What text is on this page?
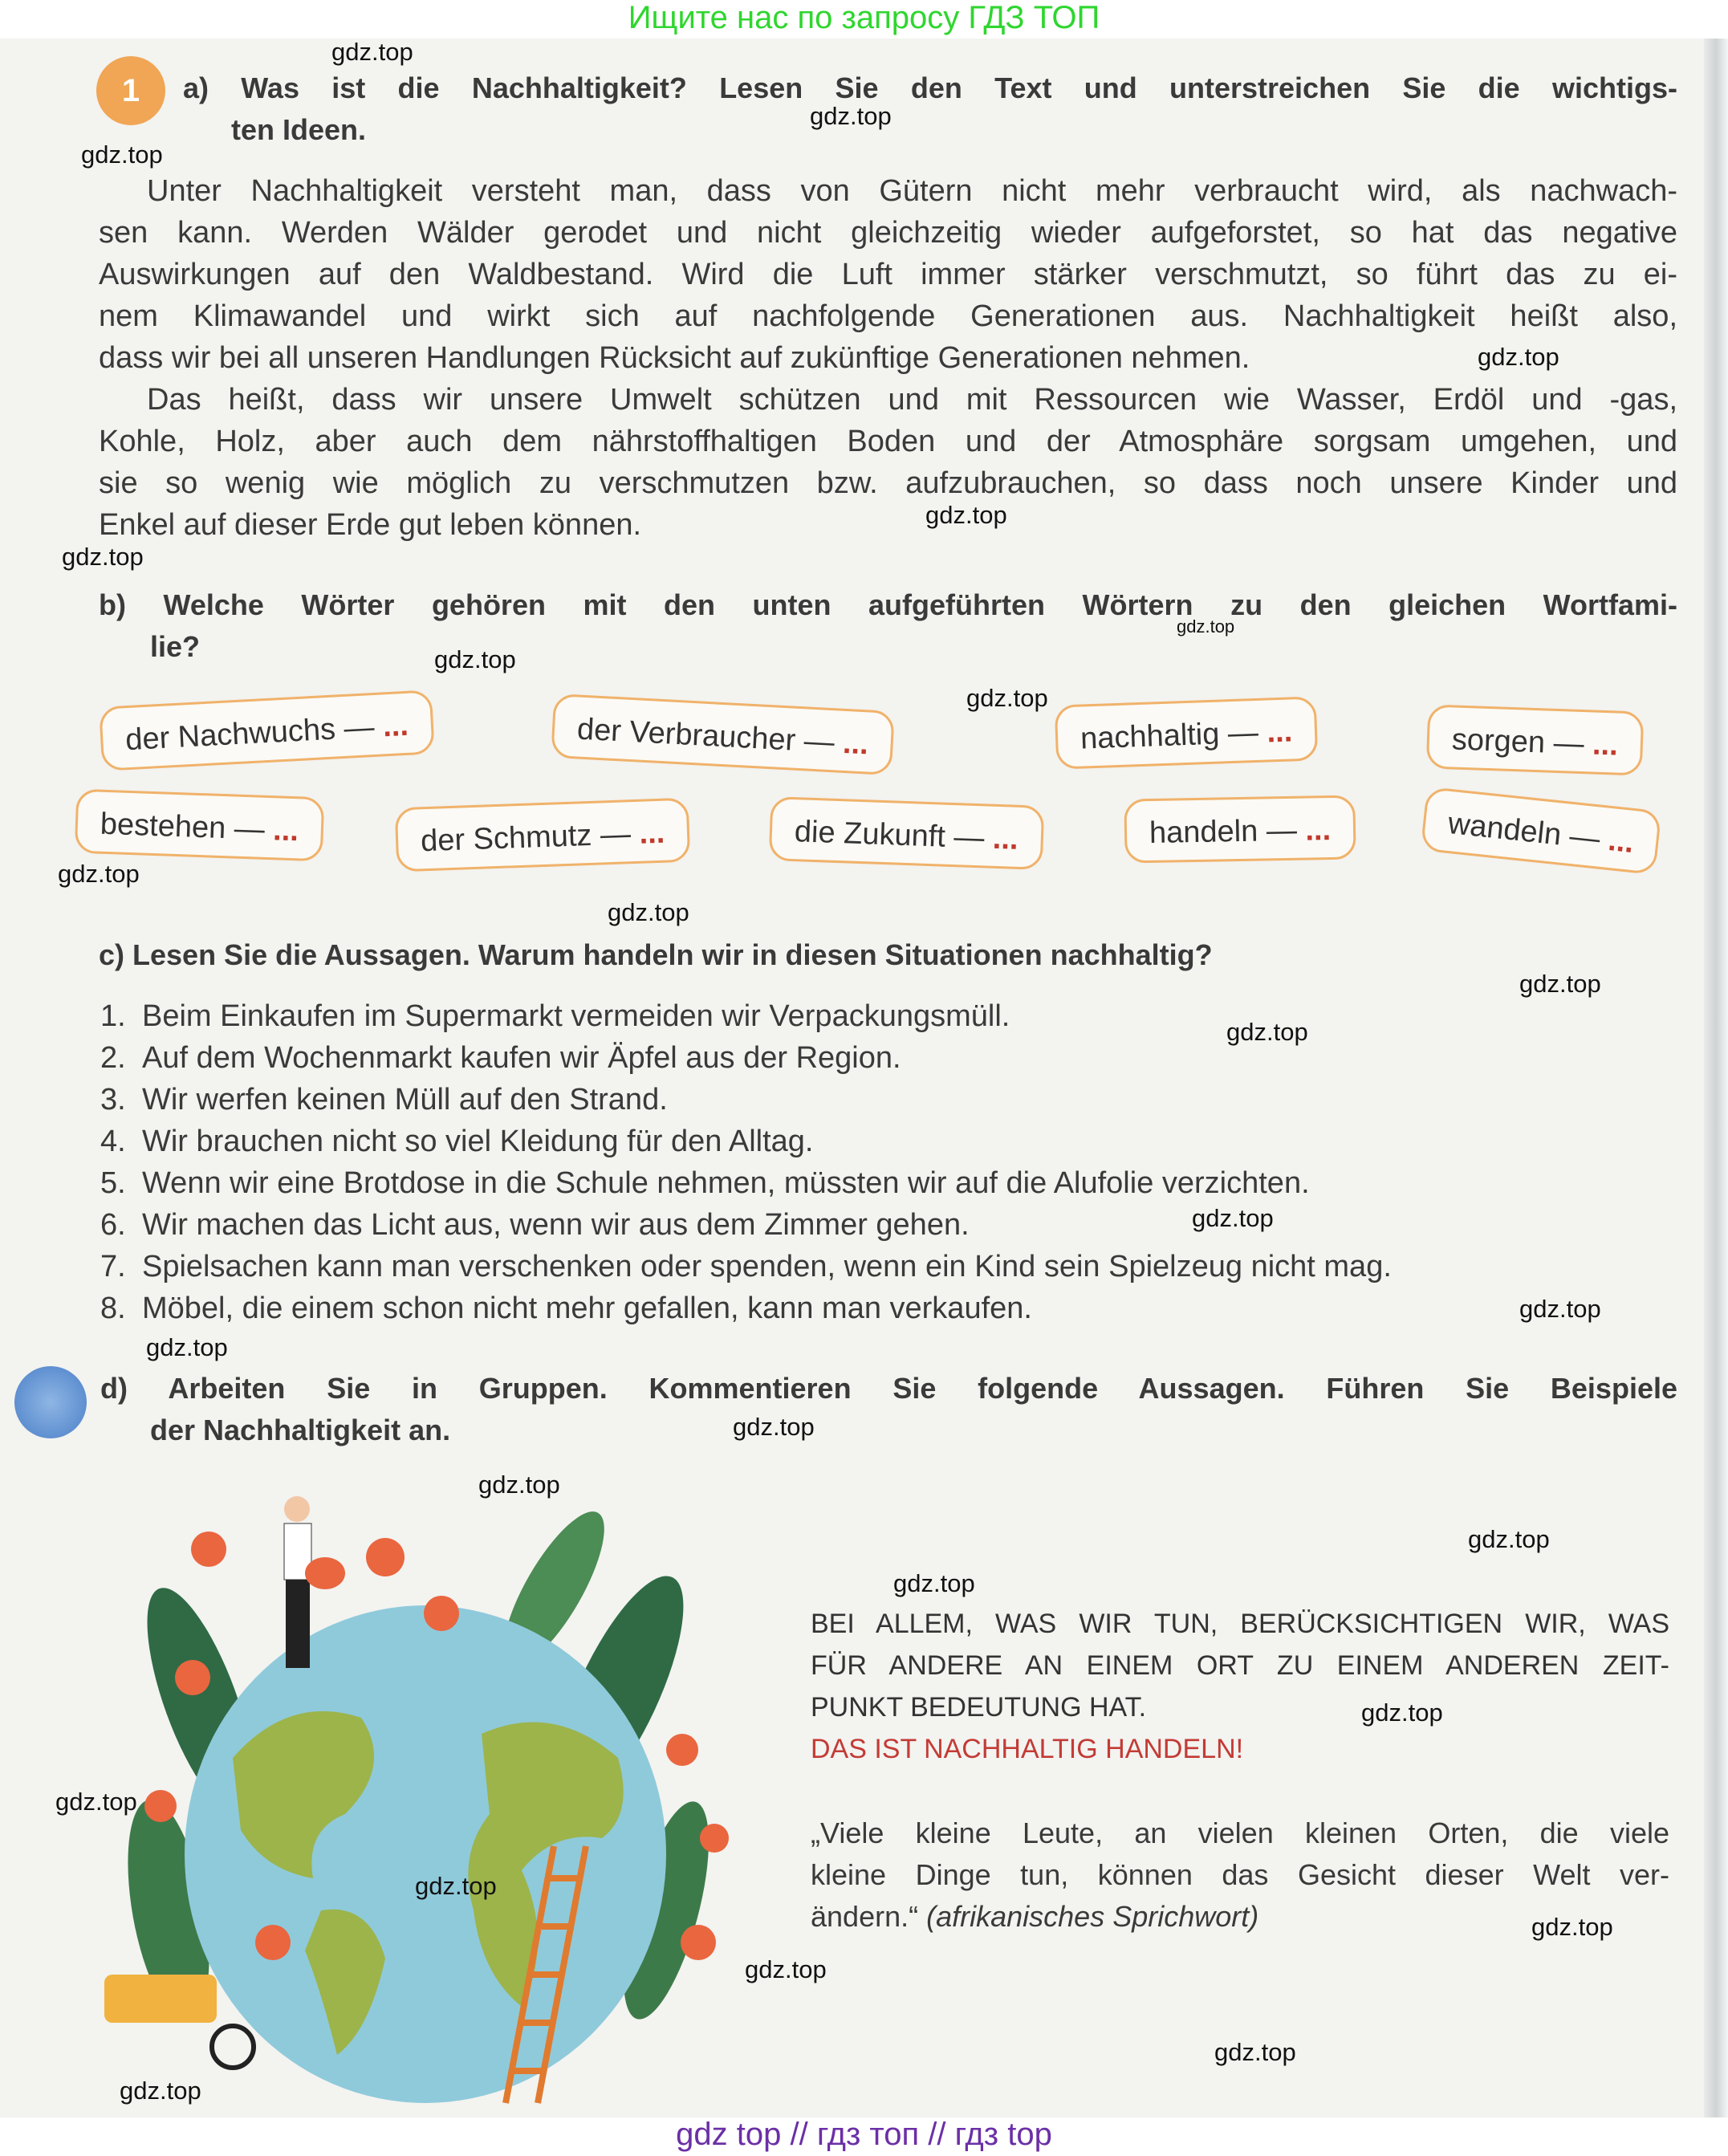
Ищите нас по запросу ГДЗ ТОП
1	a) Was ist die Nachhaltigkeit? Lesen Sie den Text und unterstreichen Sie die wichtigs-
ten Ideen.
Unter Nachhaltigkeit versteht man, dass von Gütern nicht mehr verbraucht wird, als nachwach-
sen kann. Werden Wälder gerodet und nicht gleichzeitig wieder aufgeforstet, so hat das negative
Auswirkungen auf den Waldbestand. Wird die Luft immer stärker verschmutzt, so führt das zu ei-
nem Klimawandel und wirkt sich auf nachfolgende Generationen aus. Nachhaltigkeit heißt also,
dass wir bei all unseren Handlungen Rücksicht auf zukünftige Generationen nehmen.
Das heißt, dass wir unsere Umwelt schützen und mit Ressourcen wie Wasser, Erdöl und -gas,
Kohle, Holz, aber auch dem nährstoffhaltigen Boden und der Atmosphäre sorgsam umgehen, und
sie so wenig wie möglich zu verschmutzen bzw. aufzubrauchen, so dass noch unsere Kinder und
Enkel auf dieser Erde gut leben können.
b) Welche Wörter gehören mit den unten aufgeführten Wörtern zu den gleichen Wortfami-
lie?
der Nachwuchs — ...	der Verbraucher — ...	nachhaltig — ...	sorgen — ...
bestehen — ...	der Schmutz — ...	die Zukunft — ...	handeln — ...	wandeln — ...
c) Lesen Sie die Aussagen. Warum handeln wir in diesen Situationen nachhaltig?
1. Beim Einkaufen im Supermarkt vermeiden wir Verpackungsmüll.
2. Auf dem Wochenmarkt kaufen wir Äpfel aus der Region.
3. Wir werfen keinen Müll auf den Strand.
4. Wir brauchen nicht so viel Kleidung für den Alltag.
5. Wenn wir eine Brotdose in die Schule nehmen, müssten wir auf die Alufolie verzichten.
6. Wir machen das Licht aus, wenn wir aus dem Zimmer gehen.
7. Spielsachen kann man verschenken oder spenden, wenn ein Kind sein Spielzeug nicht mag.
8. Möbel, die einem schon nicht mehr gefallen, kann man verkaufen.
d) Arbeiten Sie in Gruppen. Kommentieren Sie folgende Aussagen. Führen Sie Beispiele
der Nachhaltigkeit an.
BEI ALLEM, WAS WIR TUN, BERÜCKSICHTIGEN WIR, WAS
FÜR ANDERE AN EINEM ORT ZU EINEM ANDEREN ZEIT-
PUNKT BEDEUTUNG HAT.
DAS IST NACHHALTIG HANDELN!
„Viele kleine Leute, an vielen kleinen Orten, die viele
kleine Dinge tun, können das Gesicht dieser Welt ver-
ändern.“ (afrikanisches Sprichwort)
gdz top // гдз топ // гдз top
gdz.top
gdz.top
gdz.top
gdz.top
gdz.top
gdz.top
gdz.top
gdz.top
gdz.top
gdz.top
gdz.top
gdz.top
gdz.top
gdz.top
gdz.top
gdz.top
gdz.top
gdz.top
gdz.top
gdz.top
gdz.top
gdz.top
gdz.top
gdz.top
gdz.top
gdz.top
gdz.top
